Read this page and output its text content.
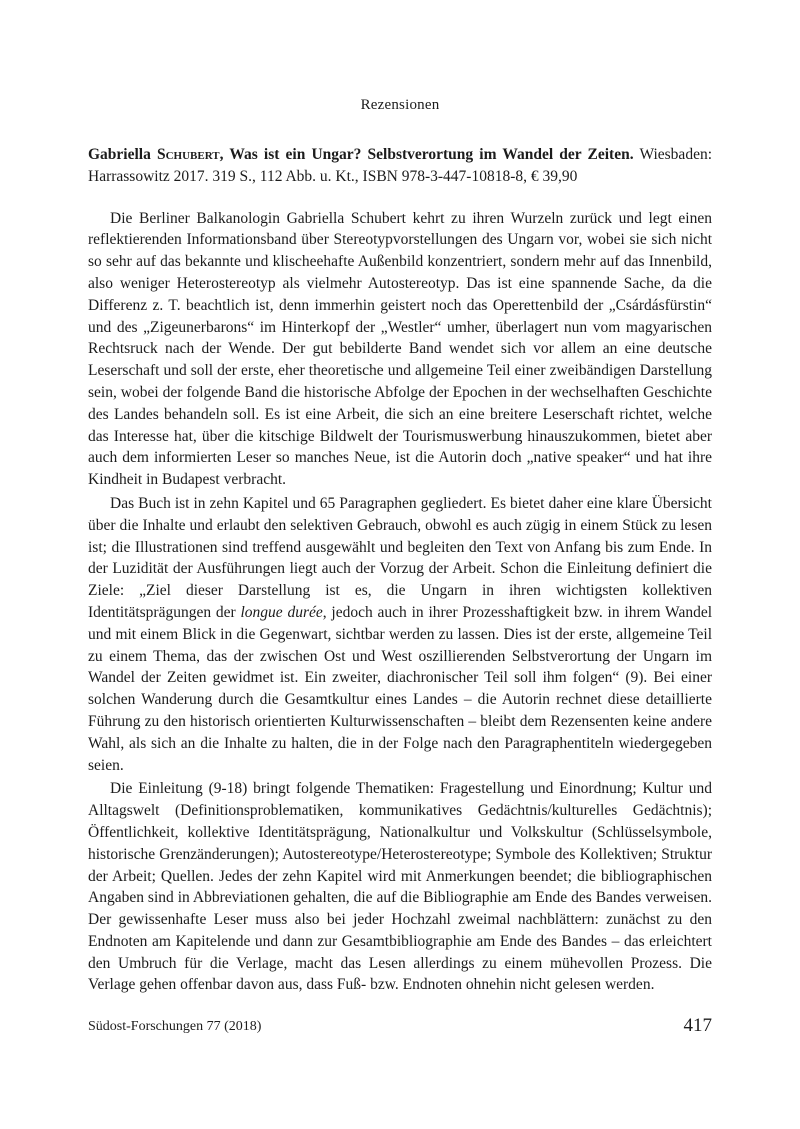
Rezensionen

Gabriella Schubert, Was ist ein Ungar? Selbstverortung im Wandel der Zeiten. Wiesbaden: Harrassowitz 2017. 319 S., 112 Abb. u. Kt., ISBN 978-3-447-10818-8, € 39,90

Die Berliner Balkanologin Gabriella Schubert kehrt zu ihren Wurzeln zurück und legt einen reflektierenden Informationsband über Stereotypvorstellungen des Ungarn vor, wobei sie sich nicht so sehr auf das bekannte und klischeehafte Außenbild konzentriert, sondern mehr auf das Innenbild, also weniger Heterostereotyp als vielmehr Autostereotyp. Das ist eine spannende Sache, da die Differenz z. T. beachtlich ist, denn immerhin geistert noch das Operettenbild der „Csárdásfürstin“ und des „Zigeunerbarons“ im Hinterkopf der „Westler“ umher, überlagert nun vom magyarischen Rechtsruck nach der Wende. Der gut bebilderte Band wendet sich vor allem an eine deutsche Leserschaft und soll der erste, eher theoretische und allgemeine Teil einer zweibändigen Darstellung sein, wobei der folgende Band die historische Abfolge der Epochen in der wechselhaften Geschichte des Landes behandeln soll. Es ist eine Arbeit, die sich an eine breitere Leserschaft richtet, welche das Interesse hat, über die kitschige Bildwelt der Tourismuswerbung hinauszukommen, bietet aber auch dem informierten Leser so manches Neue, ist die Autorin doch „native speaker“ und hat ihre Kindheit in Budapest verbracht.

Das Buch ist in zehn Kapitel und 65 Paragraphen gegliedert. Es bietet daher eine klare Übersicht über die Inhalte und erlaubt den selektiven Gebrauch, obwohl es auch zügig in einem Stück zu lesen ist; die Illustrationen sind treffend ausgewählt und begleiten den Text von Anfang bis zum Ende. In der Luzidität der Ausführungen liegt auch der Vorzug der Arbeit. Schon die Einleitung definiert die Ziele: „Ziel dieser Darstellung ist es, die Ungarn in ihren wichtigsten kollektiven Identitätsprägungen der longue durée, jedoch auch in ihrer Prozesshaftigkeit bzw. in ihrem Wandel und mit einem Blick in die Gegenwart, sichtbar werden zu lassen. Dies ist der erste, allgemeine Teil zu einem Thema, das der zwischen Ost und West oszillierenden Selbstverortung der Ungarn im Wandel der Zeiten gewidmet ist. Ein zweiter, diachronischer Teil soll ihm folgen“ (9). Bei einer solchen Wanderung durch die Gesamtkultur eines Landes – die Autorin rechnet diese detaillierte Führung zu den historisch orientierten Kulturwissenschaften – bleibt dem Rezensenten keine andere Wahl, als sich an die Inhalte zu halten, die in der Folge nach den Paragraphentiteln wiedergegeben seien.

Die Einleitung (9-18) bringt folgende Thematiken: Fragestellung und Einordnung; Kultur und Alltagswelt (Definitionsproblematiken, kommunikatives Gedächtnis/kulturelles Gedächtnis); Öffentlichkeit, kollektive Identitätsprägung, Nationalkultur und Volkskultur (Schlüsselsymbole, historische Grenzänderungen); Autostereotype/Heterostereotype; Symbole des Kollektiven; Struktur der Arbeit; Quellen. Jedes der zehn Kapitel wird mit Anmerkungen beendet; die bibliographischen Angaben sind in Abbreviationen gehalten, die auf die Bibliographie am Ende des Bandes verweisen. Der gewissenhafte Leser muss also bei jeder Hochzahl zweimal nachblättern: zunächst zu den Endnoten am Kapitelende und dann zur Gesamtbibliographie am Ende des Bandes – das erleichtert den Umbruch für die Verlage, macht das Lesen allerdings zu einem mühevollen Prozess. Die Verlage gehen offenbar davon aus, dass Fuß- bzw. Endnoten ohnehin nicht gelesen werden.

Südost-Forschungen 77 (2018)	417
